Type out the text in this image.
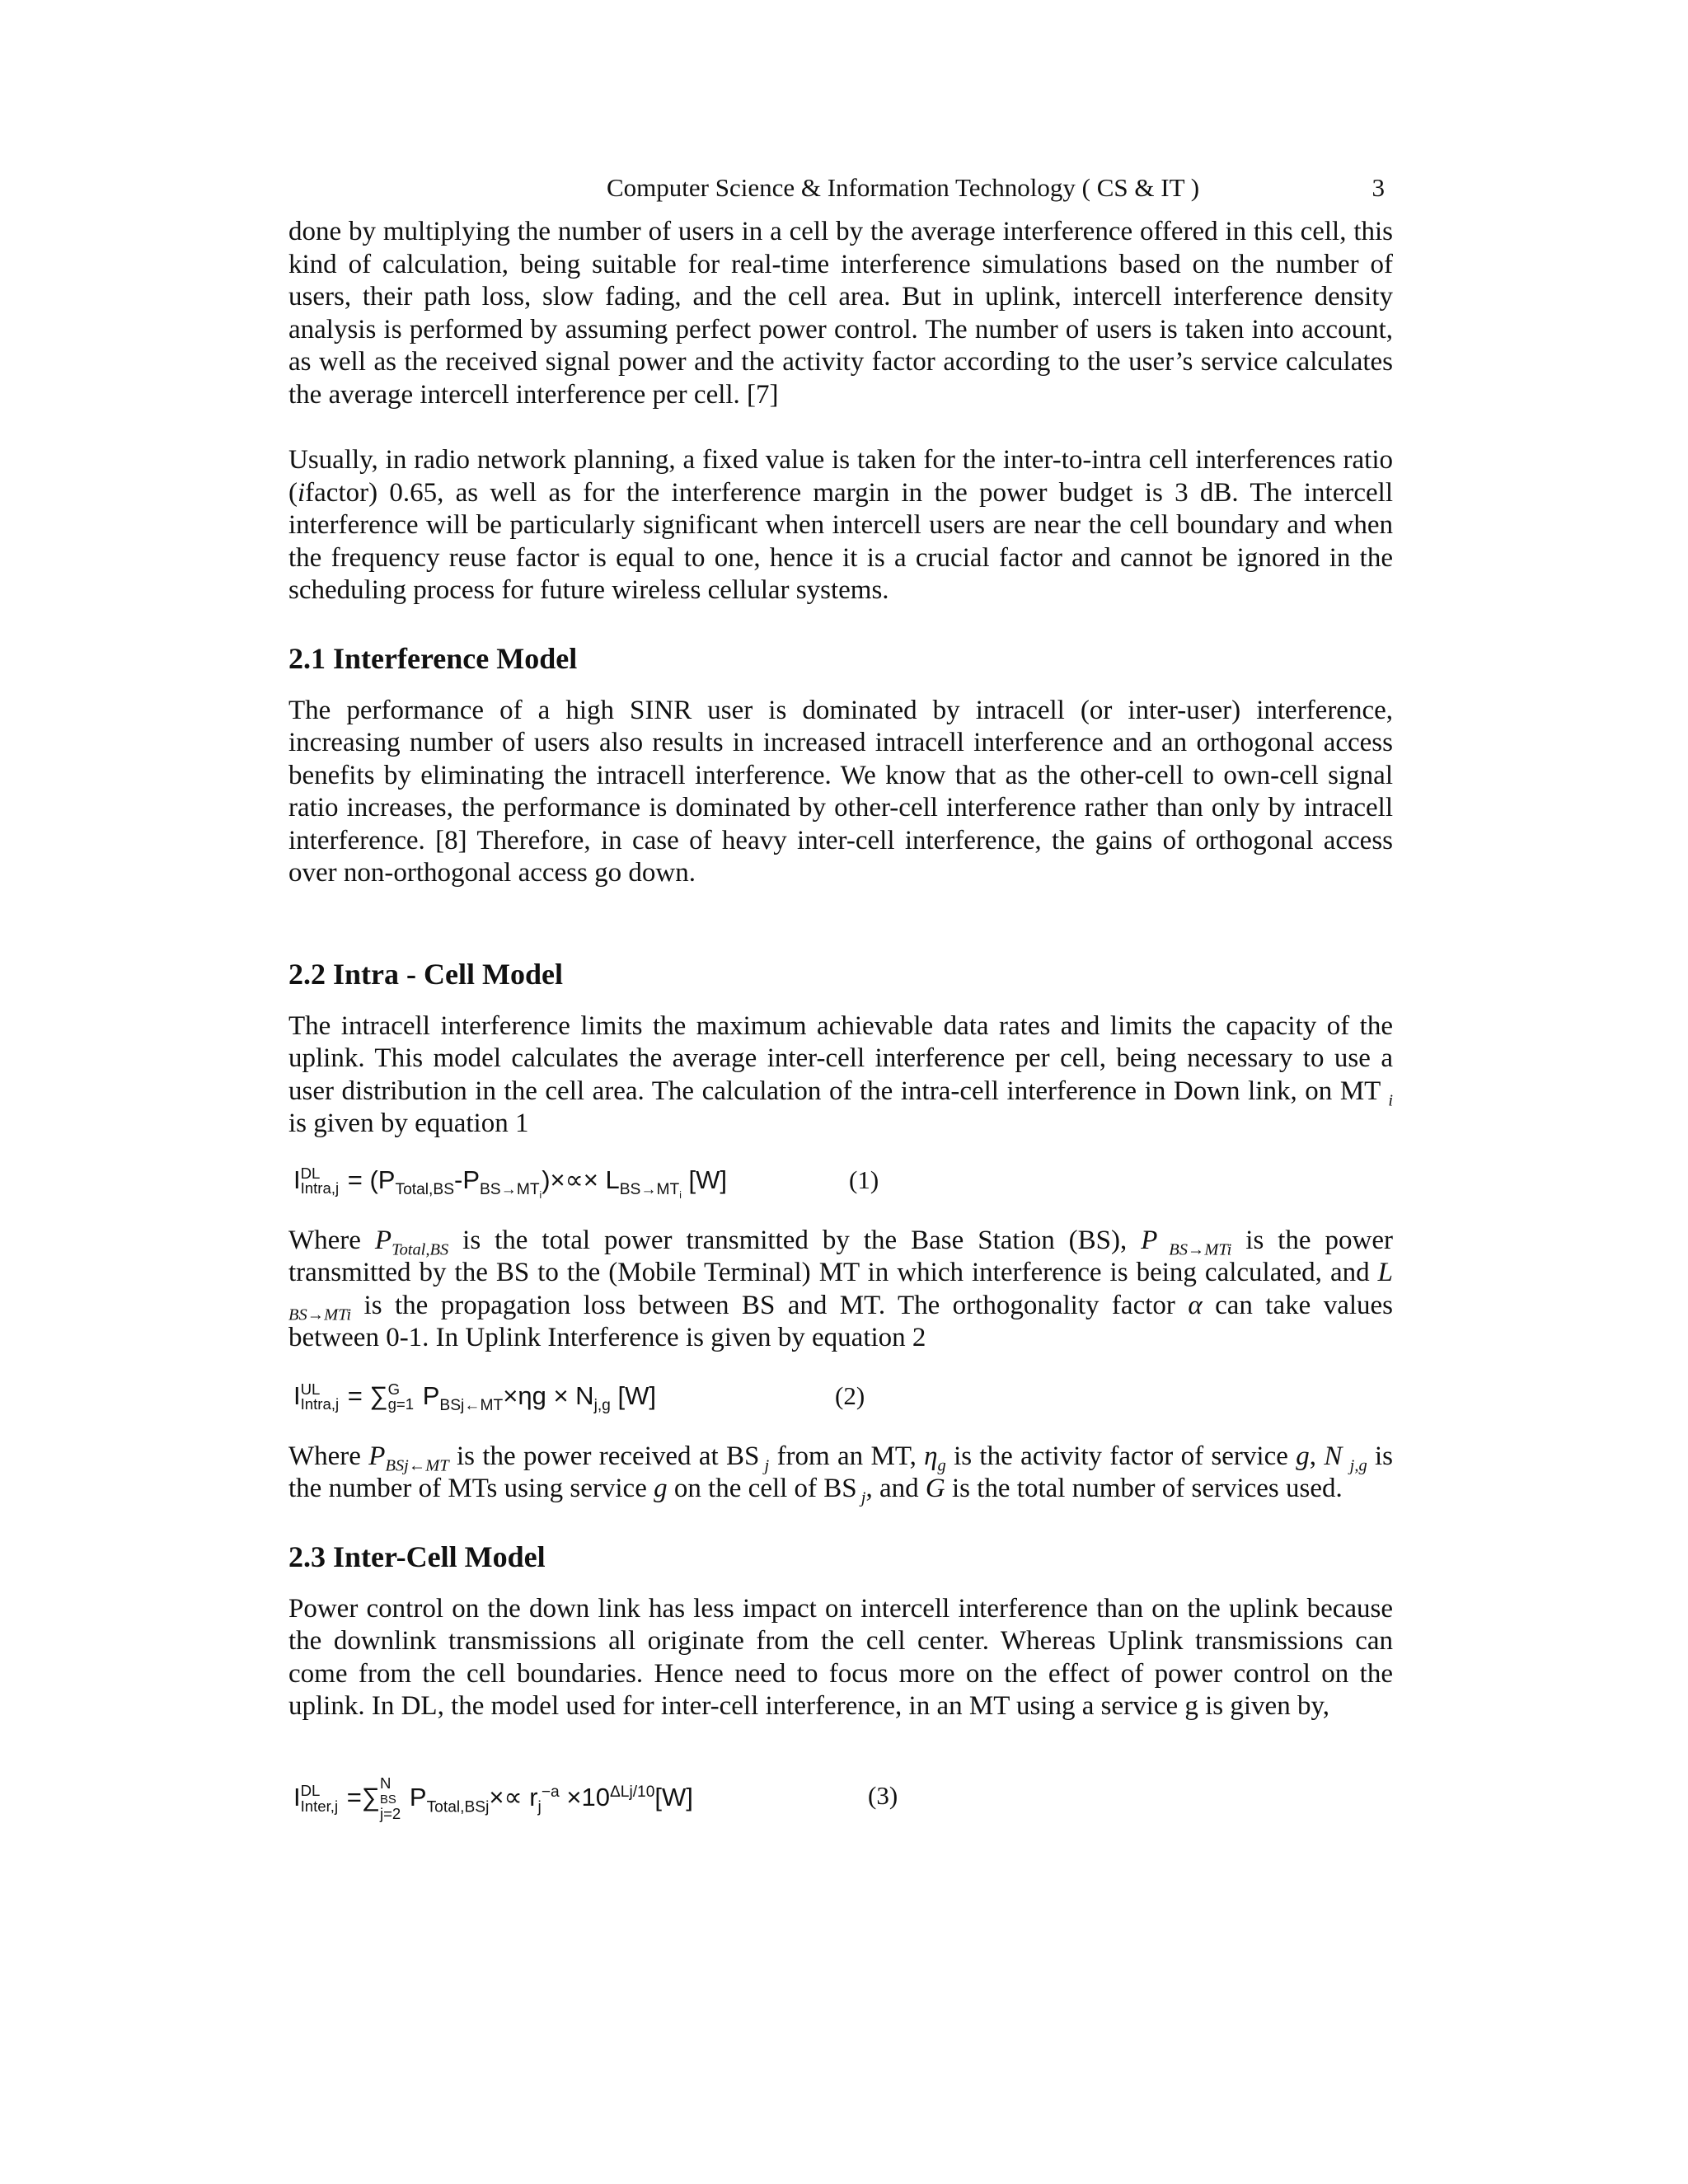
Computer Science & Information Technology ( CS & IT )	3

done by multiplying the number of users in a cell by the average interference offered in this cell, this kind of calculation, being suitable for real-time interference simulations based on the number of users, their path loss, slow fading, and the cell area. But in uplink, intercell interference density analysis is performed by assuming perfect power control. The number of users is taken into account, as well as the received signal power and the activity factor according to the user’s service calculates the average intercell interference per cell. [7]

Usually, in radio network planning, a fixed value is taken for the inter-to-intra cell interferences ratio (ifactor) 0.65, as well as for the interference margin in the power budget is 3 dB. The intercell interference will be particularly significant when intercell users are near the cell boundary and when the frequency reuse factor is equal to one, hence it is a crucial factor and cannot be ignored in the scheduling process for future wireless cellular systems.

2.1 Interference Model

The performance of a high SINR user is dominated by intracell (or inter-user) interference, increasing number of users also results in increased intracell interference and an orthogonal access benefits by eliminating the intracell interference. We know that as the other-cell to own-cell signal ratio increases, the performance is dominated by other-cell interference rather than only by intracell interference. [8] Therefore, in case of heavy inter-cell interference, the gains of orthogonal access over non-orthogonal access go down.

2.2 Intra - Cell Model

The intracell interference limits the maximum achievable data rates and limits the capacity of the uplink. This model calculates the average inter-cell interference per cell, being necessary to use a user distribution in the cell area. The calculation of the intra-cell interference in Down link, on MT $_i$ is given by equation 1

I DL
Intra,j = $(P_{Total,BS}-P_{BS\to MT_i})\times\propto\times L_{BS\to MT_i}$ [W]	(1)

Where $P_{Total,BS}$ is the total power transmitted by the Base Station (BS), P $_{BS\to MTi}$ is the power transmitted by the BS to the (Mobile Terminal) MT in which interference is being calculated, and L $_{BS\to MTi}$ is the propagation loss between BS and MT. The orthogonality factor α can take values between 0-1. In Uplink Interference is given by equation 2

I UL
Intra,j = ∑ G
g=1 $P_{BSj\leftarrow MT}\times\eta g \times N_{j,g}$ [W]	(2)

Where $P_{BSj\leftarrow MT}$ is the power received at BS $_j$ from an MT, $\eta_g$ is the activity factor of service g, N $_{j,g}$ is the number of MTs using service g on the cell of BS $_j$, and G is the total number of services used.

2.3 Inter-Cell Model

Power control on the down link has less impact on intercell interference than on the uplink because the downlink transmissions all originate from the cell center. Whereas Uplink transmissions can come from the cell boundaries. Hence need to focus more on the effect of power control on the uplink. In DL, the model used for inter-cell interference, in an MT using a service g is given by,

I DL
Inter,j =∑ N
BS
j=2
$P_{Total,BSj}\times\propto r_j^{-a} \times 10^{\Delta Lj/10}[W]$	(3)
